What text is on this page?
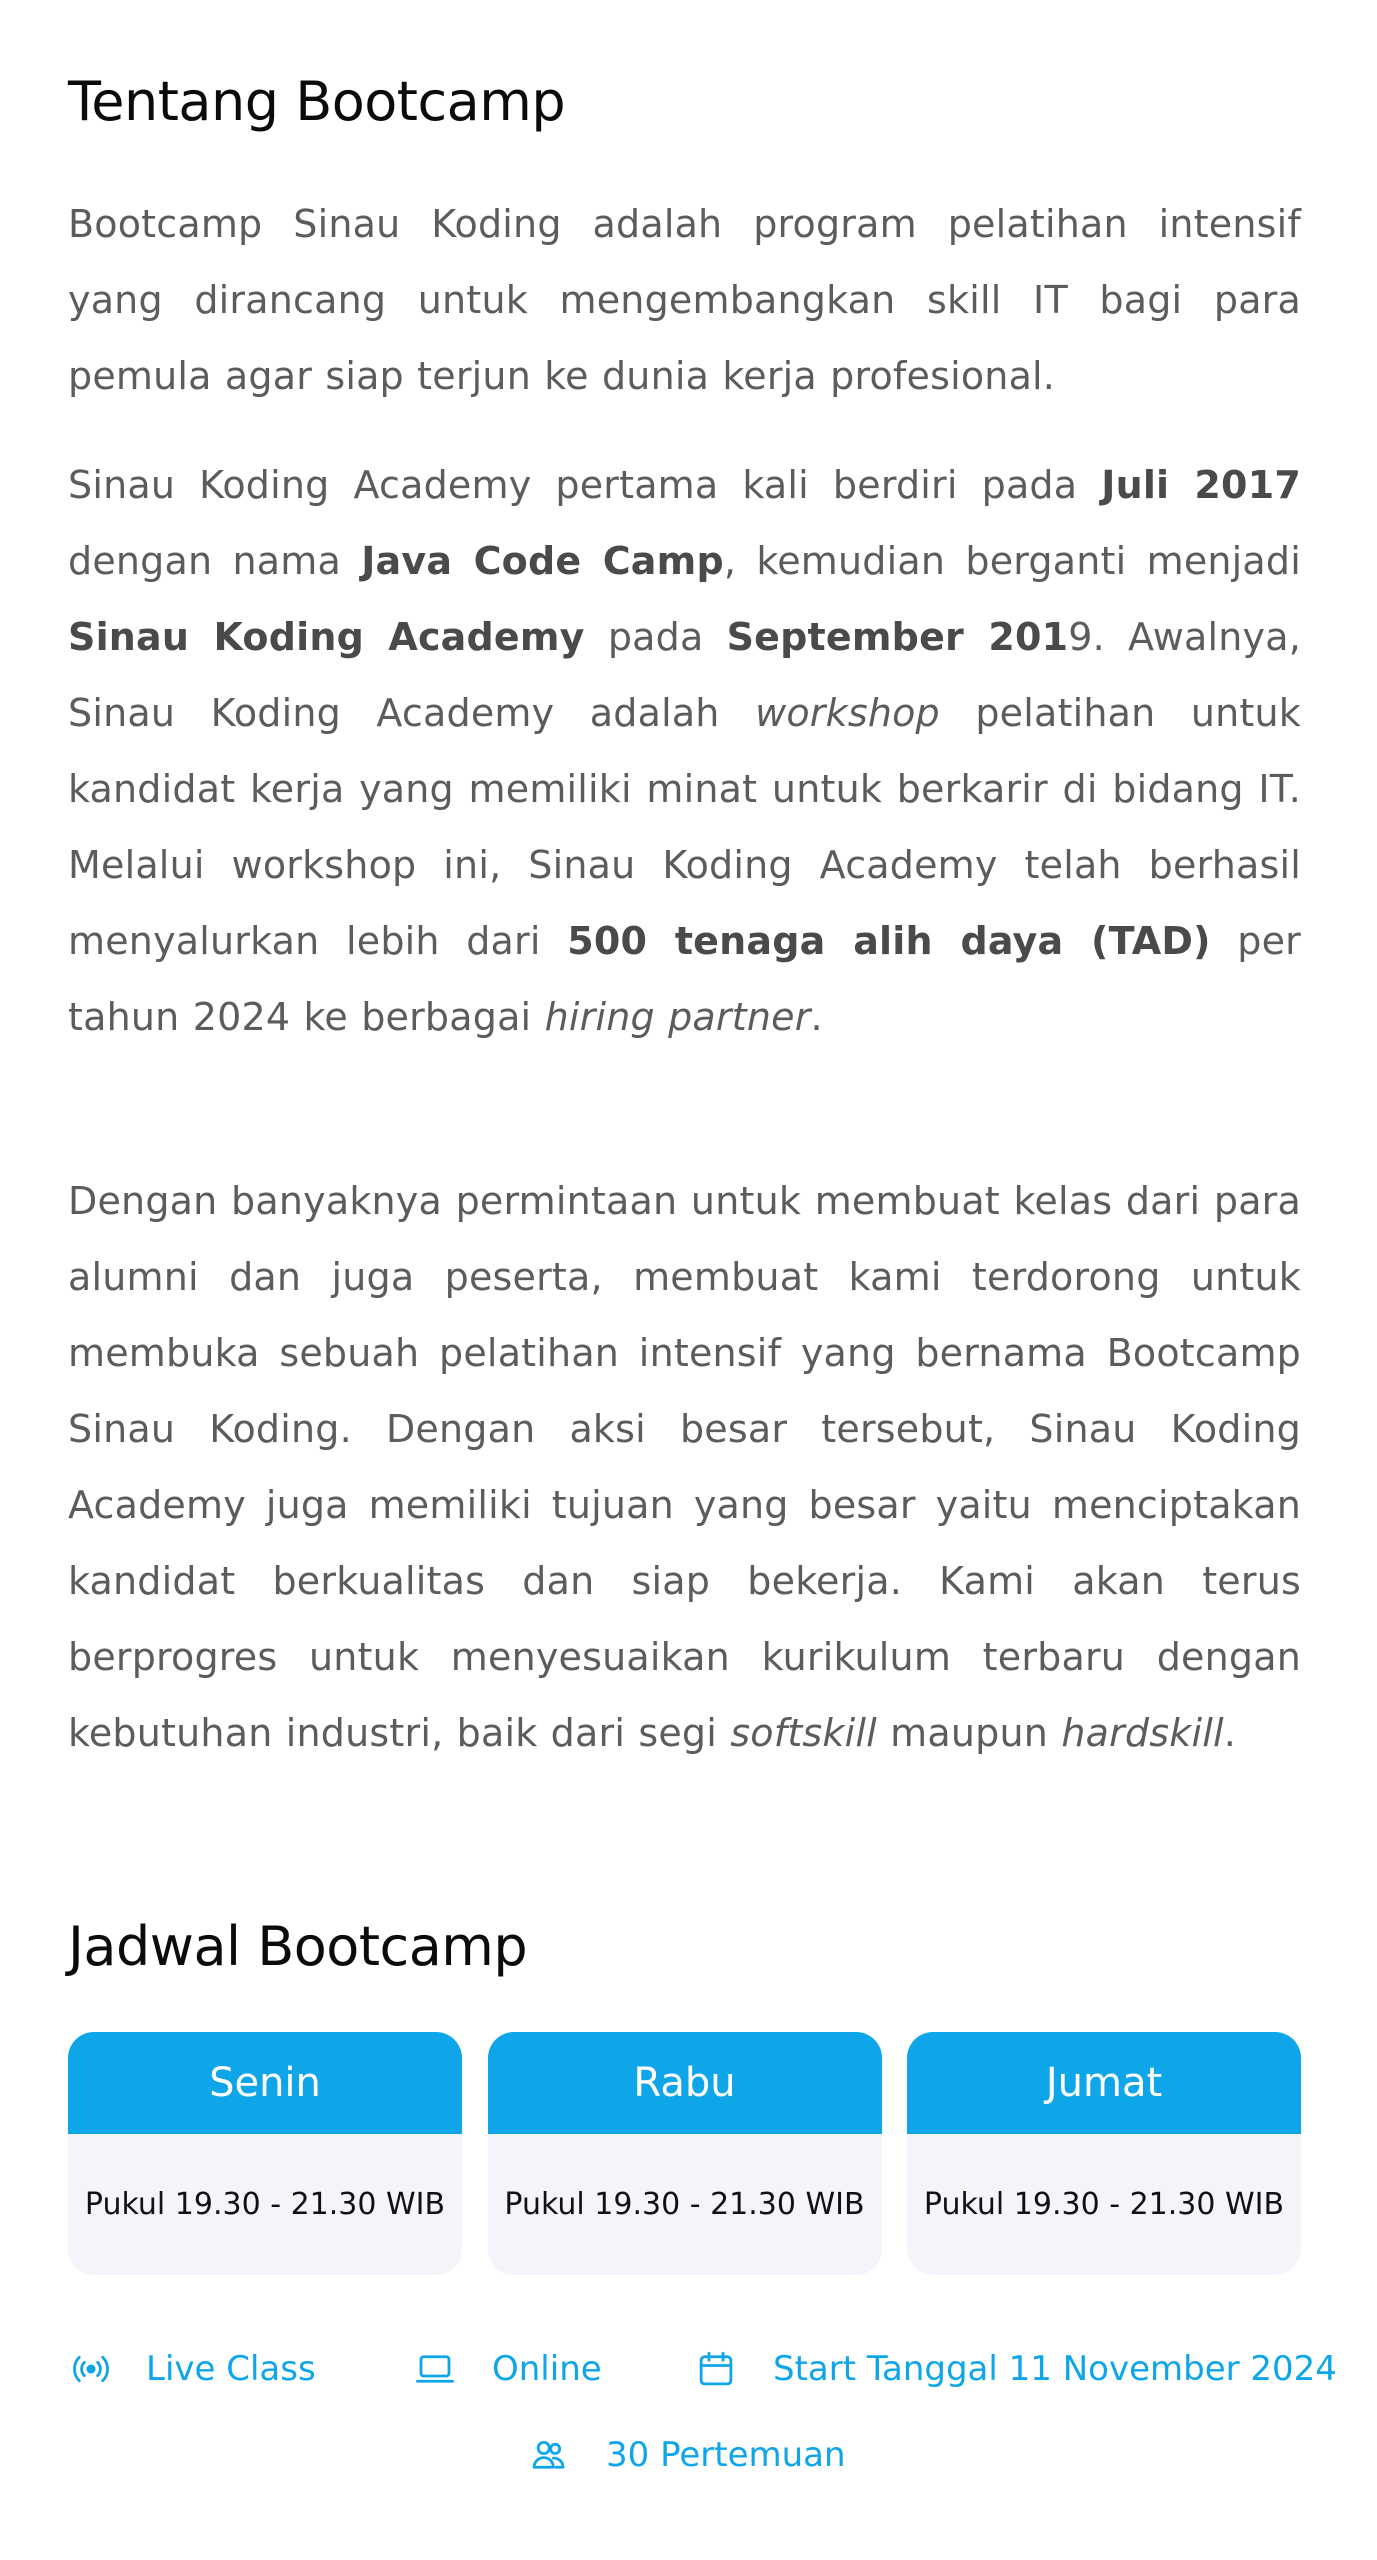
Tentang Bootcamp

Bootcamp Sinau Koding adalah program pelatihan intensif yang dirancang untuk mengembangkan skill IT bagi para pemula agar siap terjun ke dunia kerja profesional.

Sinau Koding Academy pertama kali berdiri pada Juli 2017 dengan nama Java Code Camp, kemudian berganti menjadi Sinau Koding Academy pada September 2019. Awalnya, Sinau Koding Academy adalah workshop pelatihan untuk kandidat kerja yang memiliki minat untuk berkarir di bidang IT. Melalui workshop ini, Sinau Koding Academy telah berhasil menyalurkan lebih dari 500 tenaga alih daya (TAD) per tahun 2024 ke berbagai hiring partner.

Dengan banyaknya permintaan untuk membuat kelas dari para alumni dan juga peserta, membuat kami terdorong untuk membuka sebuah pelatihan intensif yang bernama Bootcamp Sinau Koding. Dengan aksi besar tersebut, Sinau Koding Academy juga memiliki tujuan yang besar yaitu menciptakan kandidat berkualitas dan siap bekerja. Kami akan terus berprogres untuk menyesuaikan kurikulum terbaru dengan kebutuhan industri, baik dari segi softskill maupun hardskill.

Jadwal Bootcamp
Senin
Pukul 19.30 - 21.30 WIB
Rabu
Pukul 19.30 - 21.30 WIB
Jumat
Pukul 19.30 - 21.30 WIB
Live Class	Online	Start Tanggal 11 November 2024
30 Pertemuan
